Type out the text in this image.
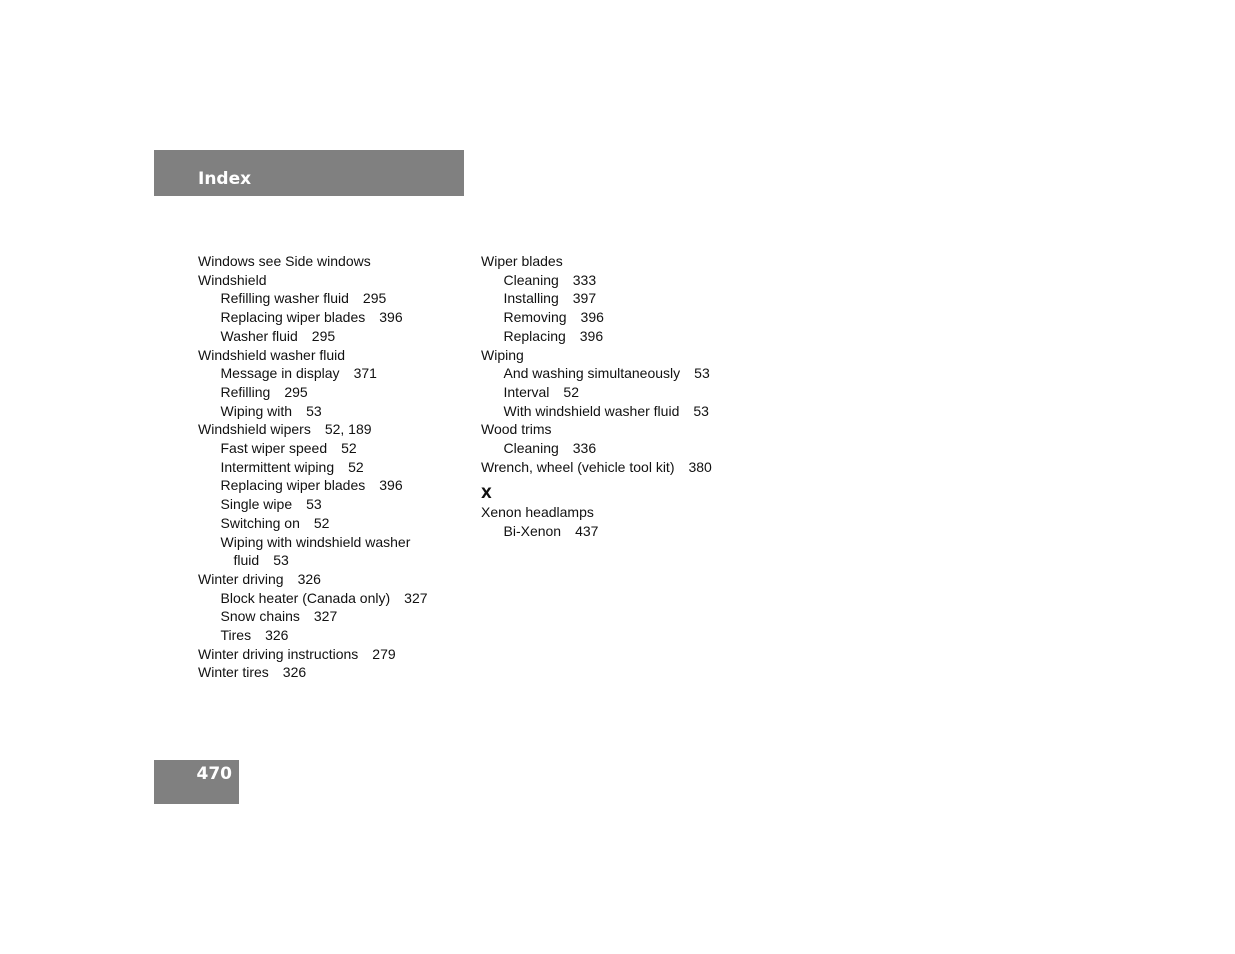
Index
Windows see Side windows
Windshield
Refilling washer fluid 295
Replacing wiper blades 396
Washer fluid 295
Windshield washer fluid
Message in display 371
Refilling 295
Wiping with 53
Windshield wipers 52, 189
Fast wiper speed 52
Intermittent wiping 52
Replacing wiper blades 396
Single wipe 53
Switching on 52
Wiping with windshield washer
fluid 53
Winter driving 326
Block heater (Canada only) 327
Snow chains 327
Tires 326
Winter driving instructions 279
Winter tires 326
Wiper blades
Cleaning 333
Installing 397
Removing 396
Replacing 396
Wiping
And washing simultaneously 53
Interval 52
With windshield washer fluid 53
Wood trims
Cleaning 336
Wrench, wheel (vehicle tool kit) 380
X
Xenon headlamps
Bi-Xenon 437
470
